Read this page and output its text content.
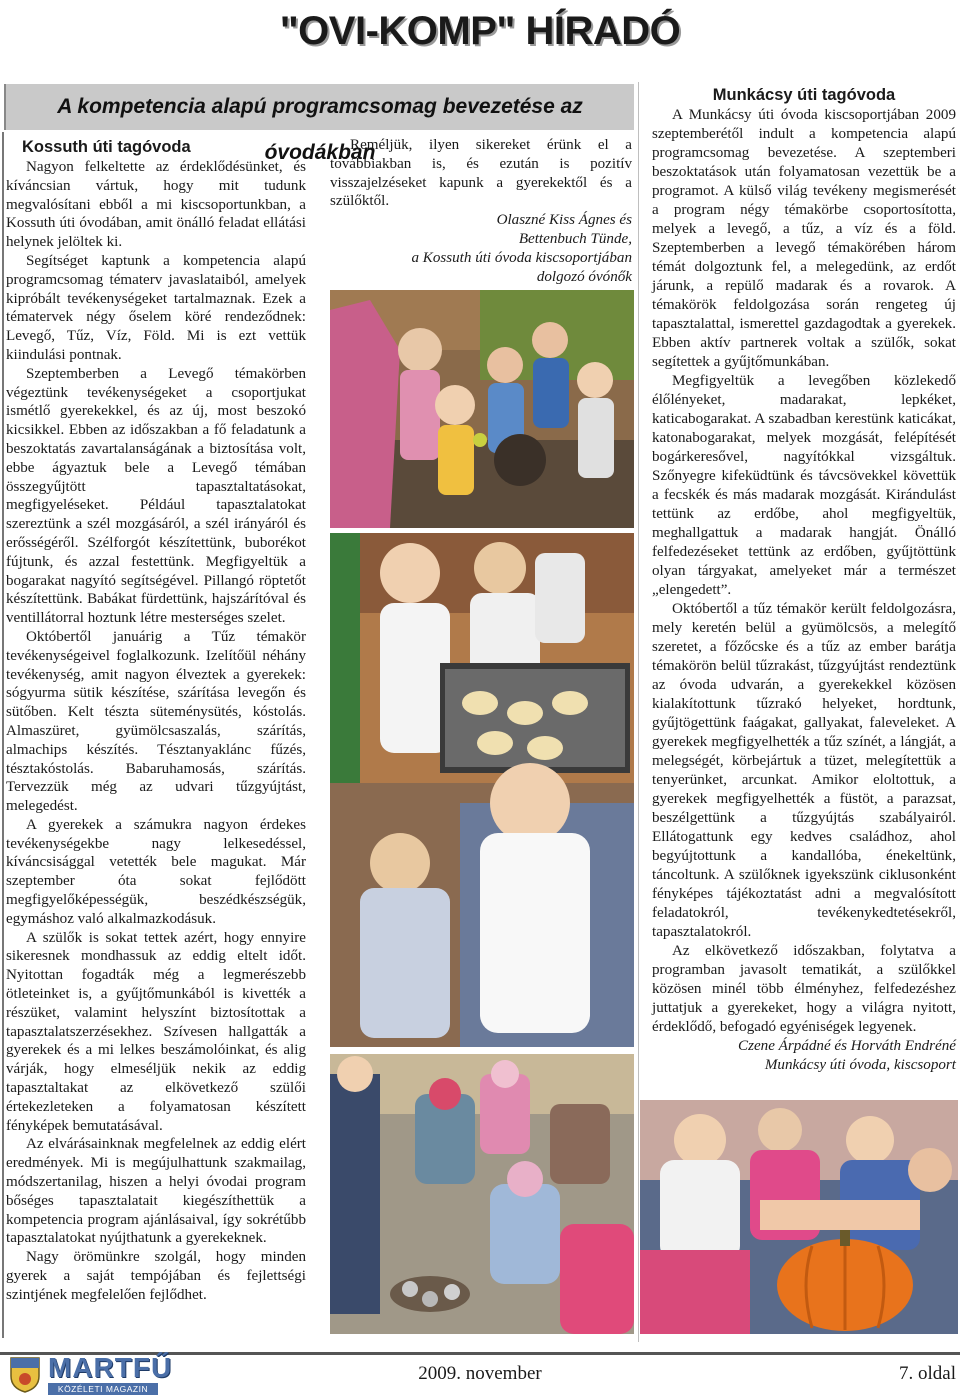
"OVI-KOMP" HÍRADÓ
A kompetencia alapú programcsomag bevezetése az óvodákban
Kossuth úti tagóvoda

Nagyon felkeltette az érdeklődésünket, és kíváncsian vártuk, hogy mit tudunk megvalósítani ebből a mi kiscsoportunkban, a Kossuth úti óvodában, amit önálló feladat ellátási helynek jelöltek ki.

Segítséget kaptunk a kompetencia alapú programcsomag tématerv javaslataiból, amelyek kipróbált tevékenységeket tartalmaznak. Ezek a tématervek négy őselem köré rendeződnek: Levegő, Tűz, Víz, Föld. Mi is ezt vettük kiindulási pontnak.

Szeptemberben a Levegő témakörben végeztünk tevékenységeket a csoportjukat ismétlő gyerekekkel, és az új, most beszokó kicsikkel. Ebben az időszakban a fő feladatunk a beszoktatás zavartalanságának a biztosítása volt, ebbe ágyaztuk bele a Levegő témában összegyűjtött tapasztaltatásokat, megfigyeléseket. Például tapasztalatokat szereztünk a szél mozgásáról, a szél irányáról és erősségéről. Szélforgót készítettünk, buborékot fújtunk, és azzal festettünk. Megfigyeltük a bogarakat nagyító segítségével. Pillangó röptetőt készítettünk. Babákat fürdettünk, hajszárítóval és ventillátorral hoztunk létre mesterséges szelet.

Októbertől januárig a Tűz témakör tevékenységeivel foglalkozunk. Izelítőül néhány tevékenység, amit nagyon élveztek a gyerekek: sógyurma sütik készítése, szárítása levegőn és sütőben. Kelt tészta süteménysütés, kóstolás. Almaszüret, gyümölcsaszalás, szárítás, almachips készítés. Tésztanyaklánc fűzés, tésztakóstolás. Babaruhamosás, szárítás. Tervezzük még az udvari tűzgyújtást, melegedést.

A gyerekek a számukra nagyon érdekes tevékenységekbe nagy lelkesedéssel, kíváncsisággal vetették bele magukat. Már szeptember óta sokat fejlődött megfigyelőképességük, beszédkészségük, egymáshoz való alkalmazkodásuk.

A szülők is sokat tettek azért, hogy ennyire sikeresnek mondhassuk az eddig eltelt időt. Nyitottan fogadták még a legmerészebb ötleteinket is, a gyűjtőmunkából is kivették a részüket, valamint helyszínt biztosítottak a tapasztalatszerzésekhez. Szívesen hallgatták a gyerekek és a mi lelkes beszámolóinkat, és alig várják, hogy elmeséljük nekik az eddig tapasztaltakat az elkövetkező szülői értekezleteken a folyamatosan készített fényképek bemutatásával.

Az elvárásainknak megfelelnek az eddig elért eredmények. Mi is megújulhattunk szakmailag, módszertanilag, hiszen a helyi óvodai program bőséges tapasztalatait kiegészíthettük a kompetencia program ajánlásaival, így sokrétűbb tapasztalatokat nyújthatunk a gyerekeknek.

Nagy örömünkre szolgál, hogy minden gyerek a saját tempójában és fejlettségi szintjének megfelelően fejlődhet.

Reméljük, ilyen sikereket érünk el a továbbiakban is, és ezután is pozitív visszajelzéseket kapunk a gyerekektől és a szülőktől.

Olaszné Kiss Ágnes és

Bettenbuch Tünde,

a Kossuth úti óvoda kiscsoportjában

dolgozó óvónők

Munkácsy úti tagóvoda

A Munkácsy úti óvoda kiscsoportjában 2009 szeptemberétől indult a kompetencia alapú programcsomag bevezetése. A szeptemberi beszoktatások után folyamatosan vezettük be a programot. A külső világ tevékeny megismerését a program négy témakörbe csoportosította, melyek a levegő, a tűz, a víz és a föld. Szeptemberben a levegő témakörében három témát dolgoztunk fel, a melegedünk, az erdőt járunk, a repülő madarak és a rovarok. A témakörök feldolgozása során rengeteg új tapasztalattal, ismerettel gazdagodtak a gyerekek. Ebben aktív partnerek voltak a szülők, sokat segítettek a gyűjtőmunkában.

Megfigyeltük a levegőben közlekedő élőlényeket, madarakat, lepkéket, katicabogarakat. A szabadban kerestünk katicákat, katonabogarakat, melyek mozgását, felépítését bogárkeresővel, nagyítókkal vizsgáltuk. Szőnyegre kifeküdtünk és távcsövekkel követtük a fecskék és más madarak mozgását. Kirándulást tettünk az erdőbe, ahol megfigyeltük, meghallgattuk a madarak hangját. Önálló felfedezéseket tettünk az erdőben, gyűjtöttünk olyan tárgyakat, amelyeket már a természet „elengedett”.

Októbertől a tűz témakör került feldolgozásra, mely keretén belül a gyümölcsös, a melegítő szeretet, a főzőcske és a tűz az ember barátja témakörön belül tűzrakást, tűzgyújtást rendeztünk az óvoda udvarán, a gyerekekkel közösen kialakítottunk tűzrakó helyeket, hordtunk, gyűjtögettünk faágakat, gallyakat, faleveleket. A gyerekek megfigyelhették a tűz színét, a lángját, a melegségét, körbejártuk a tüzet, melegítettük a tenyerünket, arcunkat. Amikor eloltottuk, a gyerekek megfigyelhették a füstöt, a parazsat, beszélgettünk a tűzgyújtás szabályairól. Ellátogattunk egy kedves családhoz, ahol begyújtottunk a kandallóba, énekeltünk, táncoltunk. A szülőknek igyekszünk ciklusonként fényképes tájékoztatást adni a megvalósított feladatokról, tevékenykedtetésekről, tapasztalatokról.

Az elkövetkező időszakban, folytatva a programban javasolt tematikát, a szülőkkel közösen minél több élményhez, felfedezéshez juttatjuk a gyerekeket, hogy a világra nyitott, érdeklődő, befogadó egyéniségek legyenek.

Czene Árpádné és Horváth Endréné

Munkácsy úti óvoda, kiscsoport

MARTFŰ
KÖZÉLETI MAGAZIN
2009. november	7. oldal
